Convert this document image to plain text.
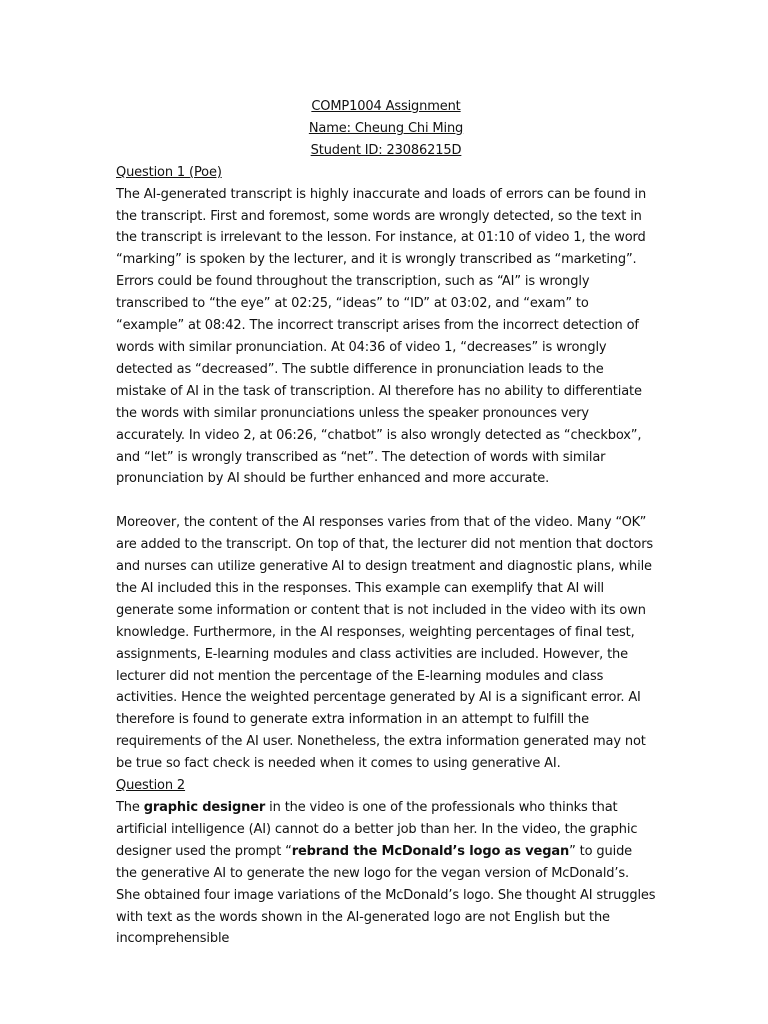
COMP1004 Assignment

Name: Cheung Chi Ming

Student ID: 23086215D

Question 1 (Poe)

The AI-generated transcript is highly inaccurate and loads of errors can be found in the transcript. First and foremost, some words are wrongly detected, so the text in the transcript is irrelevant to the lesson. For instance, at 01:10 of video 1, the word “marking” is spoken by the lecturer, and it is wrongly transcribed as “marketing”. Errors could be found throughout the transcription, such as “AI” is wrongly transcribed to “the eye” at 02:25, “ideas” to “ID” at 03:02, and “exam” to “example” at 08:42. The incorrect transcript arises from the incorrect detection of words with similar pronunciation. At 04:36 of video 1, “decreases” is wrongly detected as “decreased”. The subtle difference in pronunciation leads to the mistake of AI in the task of transcription. AI therefore has no ability to differentiate the words with similar pronunciations unless the speaker pronounces very accurately. In video 2, at 06:26, “chatbot” is also wrongly detected as “checkbox”, and “let” is wrongly transcribed as “net”. The detection of words with similar pronunciation by AI should be further enhanced and more accurate.

Moreover, the content of the AI responses varies from that of the video. Many “OK” are added to the transcript. On top of that, the lecturer did not mention that doctors and nurses can utilize generative AI to design treatment and diagnostic plans, while the AI included this in the responses. This example can exemplify that AI will generate some information or content that is not included in the video with its own knowledge. Furthermore, in the AI responses, weighting percentages of final test, assignments, E-learning modules and class activities are included. However, the lecturer did not mention the percentage of the E-learning modules and class activities. Hence the weighted percentage generated by AI is a significant error. AI therefore is found to generate extra information in an attempt to fulfill the requirements of the AI user. Nonetheless, the extra information generated may not be true so fact check is needed when it comes to using generative AI.

Question 2

The graphic designer in the video is one of the professionals who thinks that artificial intelligence (AI) cannot do a better job than her. In the video, the graphic designer used the prompt “rebrand the McDonald’s logo as vegan” to guide the generative AI to generate the new logo for the vegan version of McDonald’s. She obtained four image variations of the McDonald’s logo. She thought AI struggles with text as the words shown in the AI-generated logo are not English but the incomprehensible
